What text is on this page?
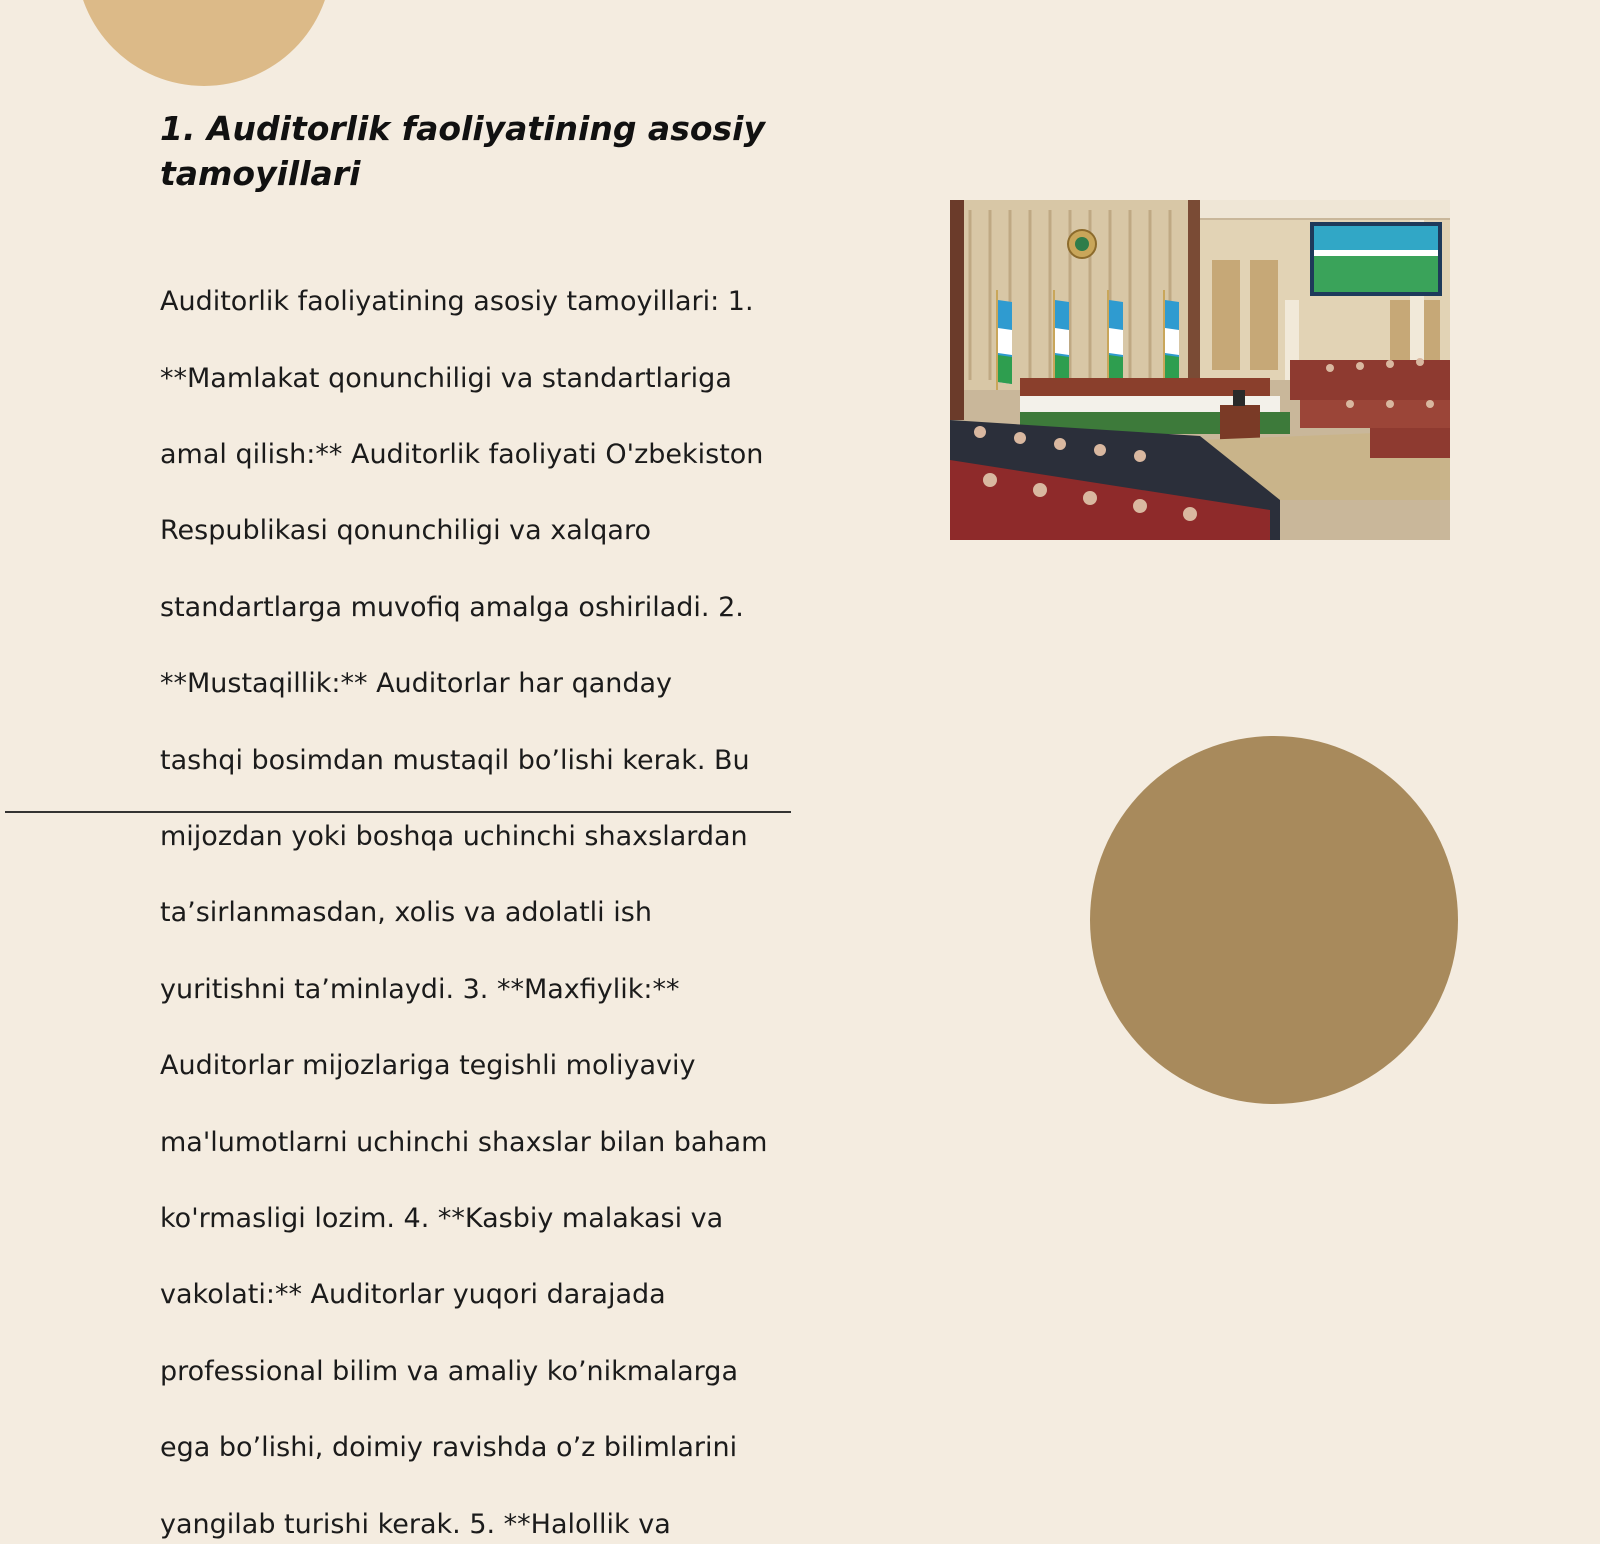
1. Auditorlik faoliyatining asosiy
tamoyillari

Auditorlik faoliyatining asosiy tamoyillari: 1.

**Mamlakat qonunchiligi va standartlariga

amal qilish:** Auditorlik faoliyati O'zbekiston

Respublikasi qonunchiligi va xalqaro

standartlarga muvofiq amalga oshiriladi. 2.

**Mustaqillik:** Auditorlar har qanday

tashqi bosimdan mustaqil bo’lishi kerak. Bu

mijozdan yoki boshqa uchinchi shaxslardan

ta’sirlanmasdan, xolis va adolatli ish

yuritishni ta’minlaydi. 3. **Maxfiylik:**

Auditorlar mijozlariga tegishli moliyaviy

ma'lumotlarni uchinchi shaxslar bilan baham

ko'rmasligi lozim. 4. **Kasbiy malakasi va

vakolati:** Auditorlar yuqori darajada

professional bilim va amaliy ko’nikmalarga

ega bo’lishi, doimiy ravishda o’z bilimlarini

yangilab turishi kerak. 5. **Halollik va
